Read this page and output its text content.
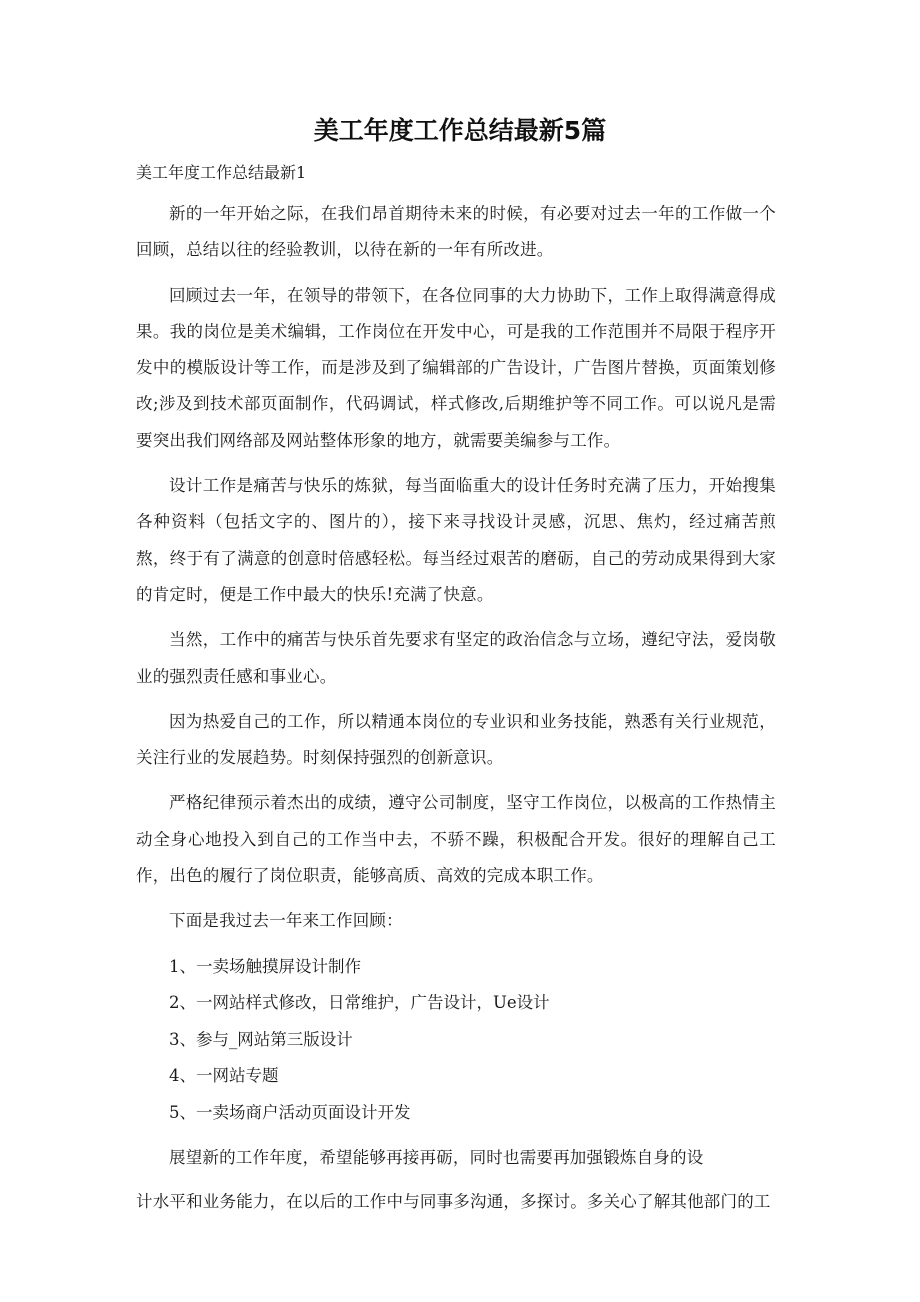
美工年度工作总结最新5篇

美工年度工作总结最新1

新的一年开始之际，在我们昂首期待未来的时候，有必要对过去一年的工作做一个回顾，总结以往的经验教训，以待在新的一年有所改进。

回顾过去一年，在领导的带领下，在各位同事的大力协助下，工作上取得满意得成果。我的岗位是美术编辑，工作岗位在开发中心，可是我的工作范围并不局限于程序开发中的模版设计等工作，而是涉及到了编辑部的广告设计，广告图片替换，页面策划修改;涉及到技术部页面制作，代码调试，样式修改,后期维护等不同工作。可以说凡是需要突出我们网络部及网站整体形象的地方，就需要美编参与工作。

设计工作是痛苦与快乐的炼狱，每当面临重大的设计任务时充满了压力，开始搜集各种资料（包括文字的、图片的），接下来寻找设计灵感，沉思、焦灼，经过痛苦煎熬，终于有了满意的创意时倍感轻松。每当经过艰苦的磨砺，自己的劳动成果得到大家的肯定时，便是工作中最大的快乐!充满了快意。

当然，工作中的痛苦与快乐首先要求有坚定的政治信念与立场，遵纪守法，爱岗敬业的强烈责任感和事业心。

因为热爱自己的工作，所以精通本岗位的专业识和业务技能，熟悉有关行业规范，关注行业的发展趋势。时刻保持强烈的创新意识。

严格纪律预示着杰出的成绩，遵守公司制度，坚守工作岗位，以极高的工作热情主动全身心地投入到自己的工作当中去，不骄不躁，积极配合开发。很好的理解自己工作，出色的履行了岗位职责，能够高质、高效的完成本职工作。

下面是我过去一年来工作回顾：

1、一卖场触摸屏设计制作

2、一网站样式修改，日常维护，广告设计，Ue设计

3、参与_网站第三版设计

4、一网站专题

5、一卖场商户活动页面设计开发

展望新的工作年度，希望能够再接再砺，同时也需要再加强锻炼自身的设

计水平和业务能力，在以后的工作中与同事多沟通，多探讨。多关心了解其他部门的工
